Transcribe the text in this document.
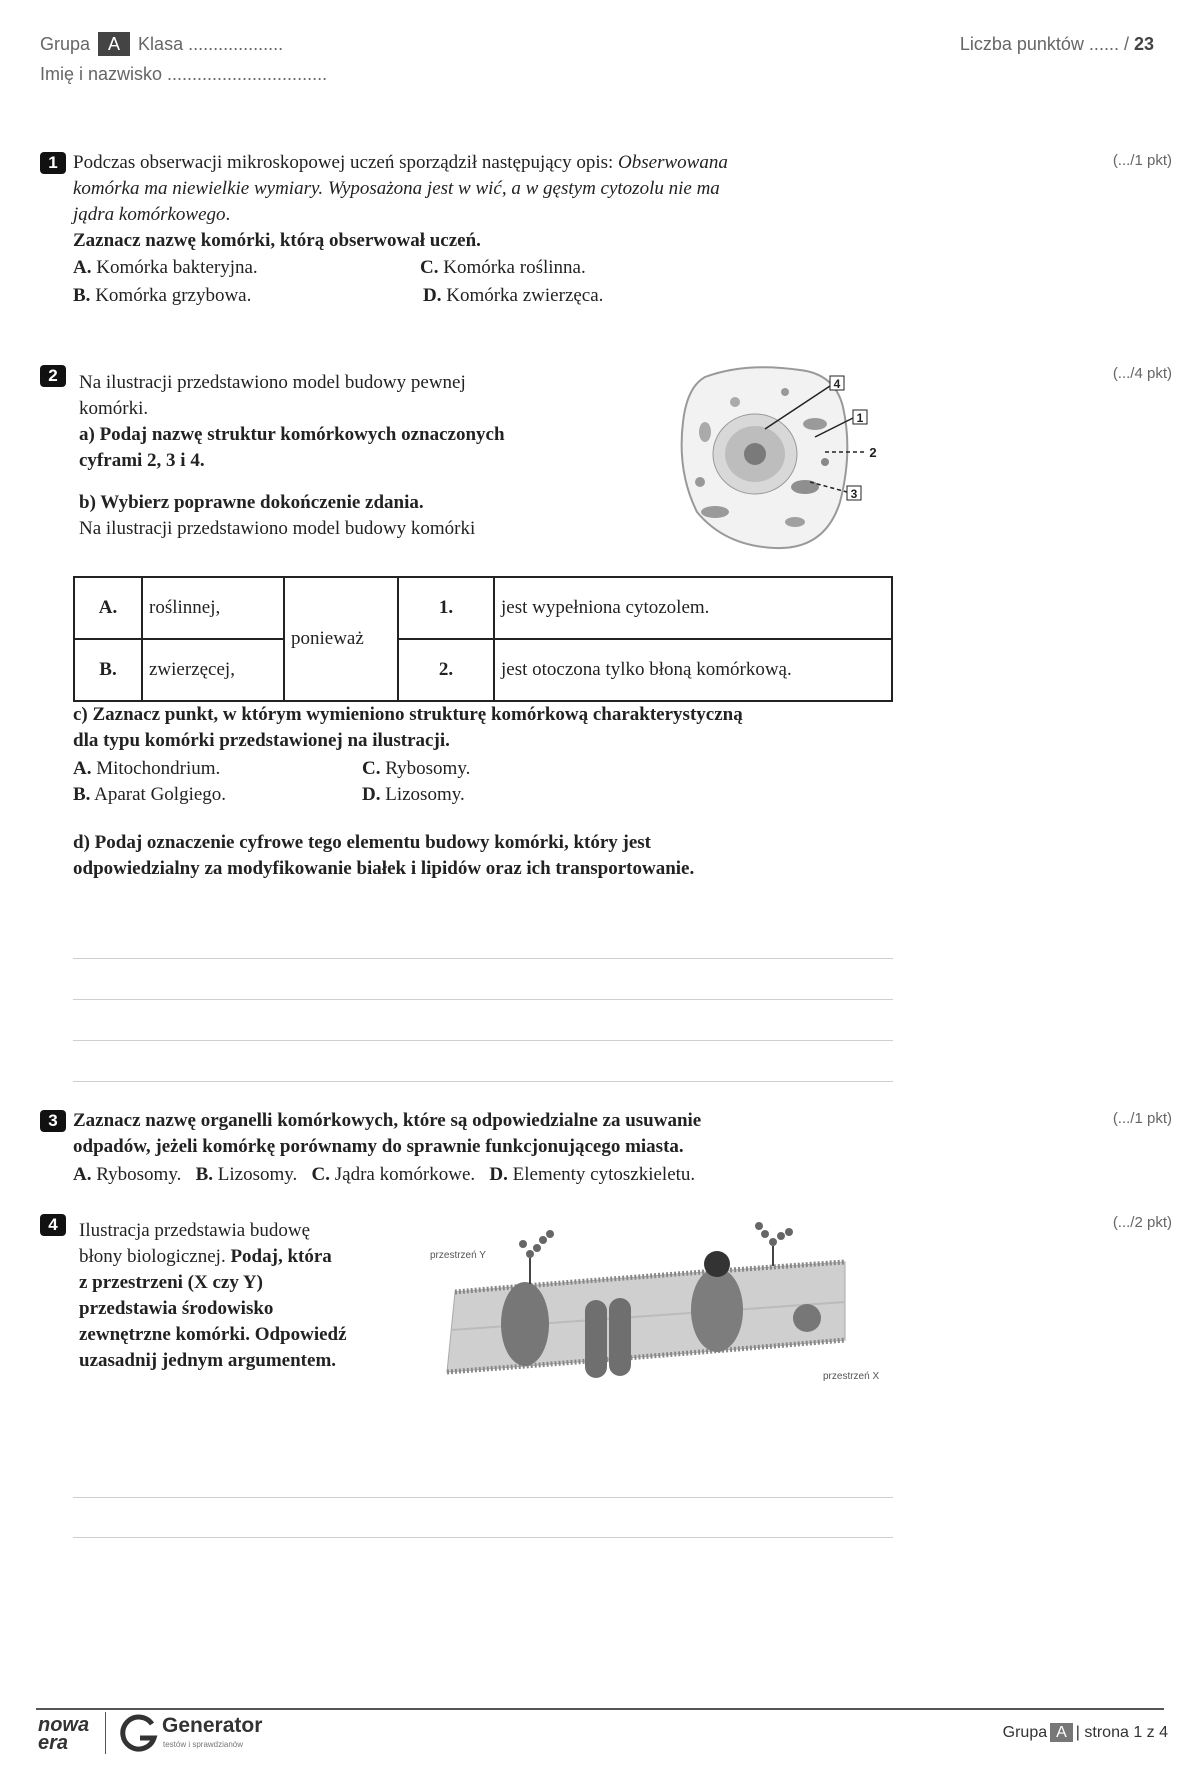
Grupa A Klasa ...................
Imię i nazwisko ................................
Liczba punktów ...... / 23
1	(.../1 pkt)
Podczas obserwacji mikroskopowej uczeń sporządził następujący opis: Obserwowana
komórka ma niewielkie wymiary. Wyposażona jest w wić, a w gęstym cytozolu nie ma
jądra komórkowego.
Zaznacz nazwę komórki, którą obserwował uczeń.
A. Komórka bakteryjna.
B. Komórka grzybowa.
C. Komórka roślinna.
D. Komórka zwierzęca.
2	(.../4 pkt)
Na ilustracji przedstawiono model budowy pewnej
komórki.
a) Podaj nazwę struktur komórkowych oznaczonych
cyframi 2, 3 i 4.
b) Wybierz poprawne dokończenie zdania.
Na ilustracji przedstawiono model budowy komórki
4
1
2
3
A.	roślinnej,	ponieważ	1.	jest wypełniona cytozolem.
B.	zwierzęcej,		2.	jest otoczona tylko błoną komórkową.
c) Zaznacz punkt, w którym wymieniono strukturę komórkową charakterystyczną
dla typu komórki przedstawionej na ilustracji.
A. Mitochondrium.
B. Aparat Golgiego.
C. Rybosomy.
D. Lizosomy.
d) Podaj oznaczenie cyfrowe tego elementu budowy komórki, który jest
odpowiedzialny za modyfikowanie białek i lipidów oraz ich transportowanie.
3	(.../1 pkt)
Zaznacz nazwę organelli komórkowych, które są odpowiedzialne za usuwanie
odpadów, jeżeli komórkę porównamy do sprawnie funkcjonującego miasta.
A. Rybosomy. B. Lizosomy. C. Jądra komórkowe. D. Elementy cytoszkieletu.
4	(.../2 pkt)
Ilustracja przedstawia budowę
błony biologicznej. Podaj, która
z przestrzeni (X czy Y)
przedstawia środowisko
zewnętrzne komórki. Odpowiedź
uzasadnij jednym argumentem.
przestrzeń Y
przestrzeń X
nowa
era
Generator
testów i sprawdzianów
Grupa A | strona 1 z 4
